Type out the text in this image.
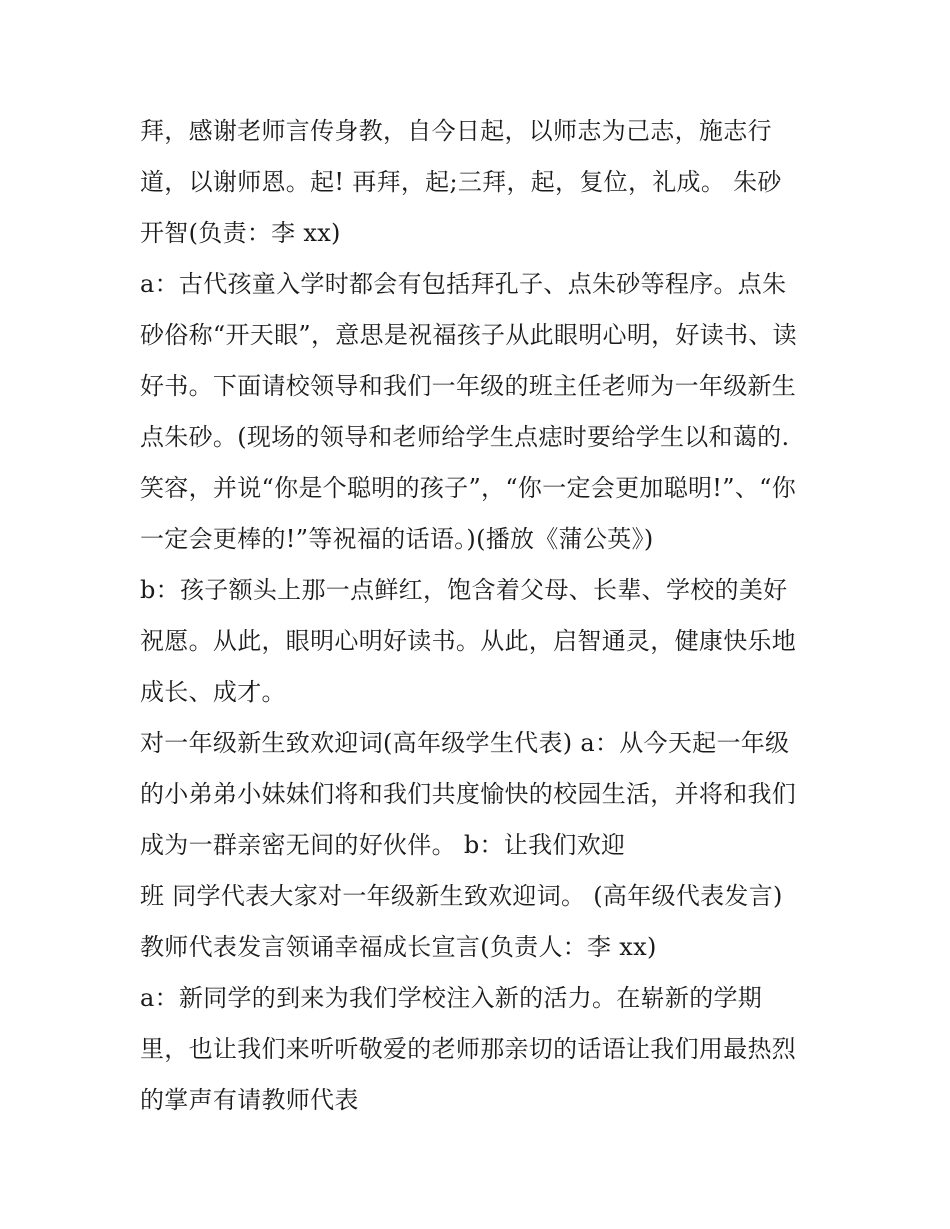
拜，感谢老师言传身教，自今日起，以师志为己志，施志行

道，以谢师恩。起! 再拜，起;三拜，起，复位，礼成。 朱砂

开智(负责：李 xx)

a：古代孩童入学时都会有包括拜孔子、点朱砂等程序。点朱

砂俗称“开天眼”，意思是祝福孩子从此眼明心明，好读书、读

好书。下面请校领导和我们一年级的班主任老师为一年级新生

点朱砂。(现场的领导和老师给学生点痣时要给学生以和蔼的.

笑容，并说“你是个聪明的孩子”，“你一定会更加聪明!”、“你

一定会更棒的!”等祝福的话语。)(播放《蒲公英》)

b：孩子额头上那一点鲜红，饱含着父母、长辈、学校的美好

祝愿。从此，眼明心明好读书。从此，启智通灵，健康快乐地

成长、成才。

对一年级新生致欢迎词(高年级学生代表) a：从今天起一年级

的小弟弟小妹妹们将和我们共度愉快的校园生活，并将和我们

成为一群亲密无间的好伙伴。 b：让我们欢迎

班 同学代表大家对一年级新生致欢迎词。 (高年级代表发言)

教师代表发言领诵幸福成长宣言(负责人：李 xx)

a：新同学的到来为我们学校注入新的活力。在崭新的学期

里，也让我们来听听敬爱的老师那亲切的话语让我们用最热烈

的掌声有请教师代表
